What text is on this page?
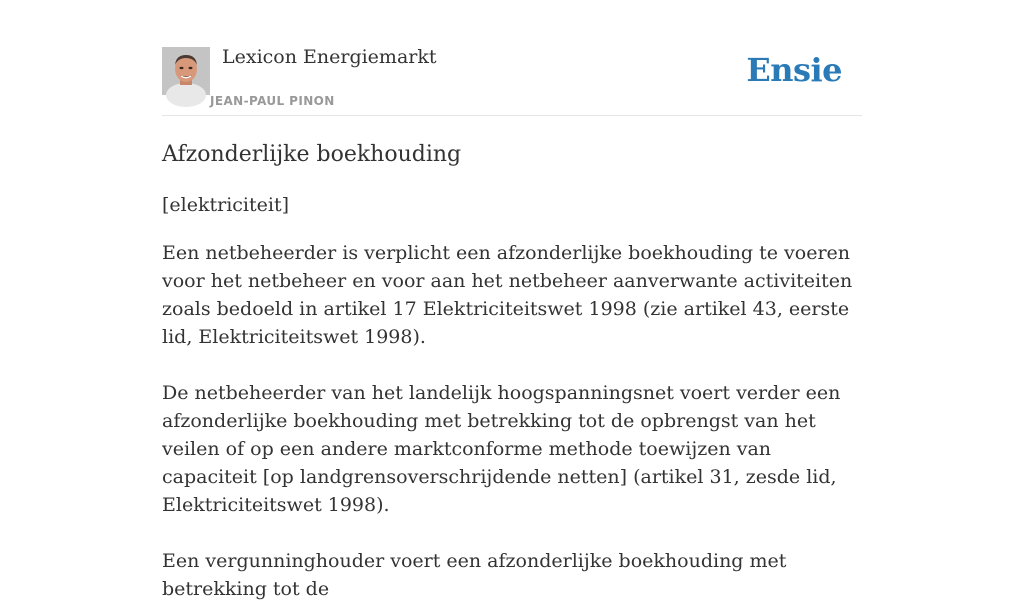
Lexicon Energiemarkt
JEAN-PAUL PINON
Ensie
Afzonderlijke boekhouding

[elektriciteit]

Een netbeheerder is verplicht een afzonderlijke boekhouding te voeren voor het netbeheer en voor aan het netbeheer aanverwante activiteiten zoals bedoeld in artikel 17 Elektriciteitswet 1998 (zie artikel 43, eerste lid, Elektriciteitswet 1998).

De netbeheerder van het landelijk hoogspanningsnet voert verder een afzonderlijke boekhouding met betrekking tot de opbrengst van het veilen of op een andere marktconforme methode toewijzen van capaciteit [op landgrensoverschrijdende netten] (artikel 31, zesde lid, Elektriciteitswet 1998).

Een vergunninghouder voert een afzonderlijke boekhouding met betrekking tot de
